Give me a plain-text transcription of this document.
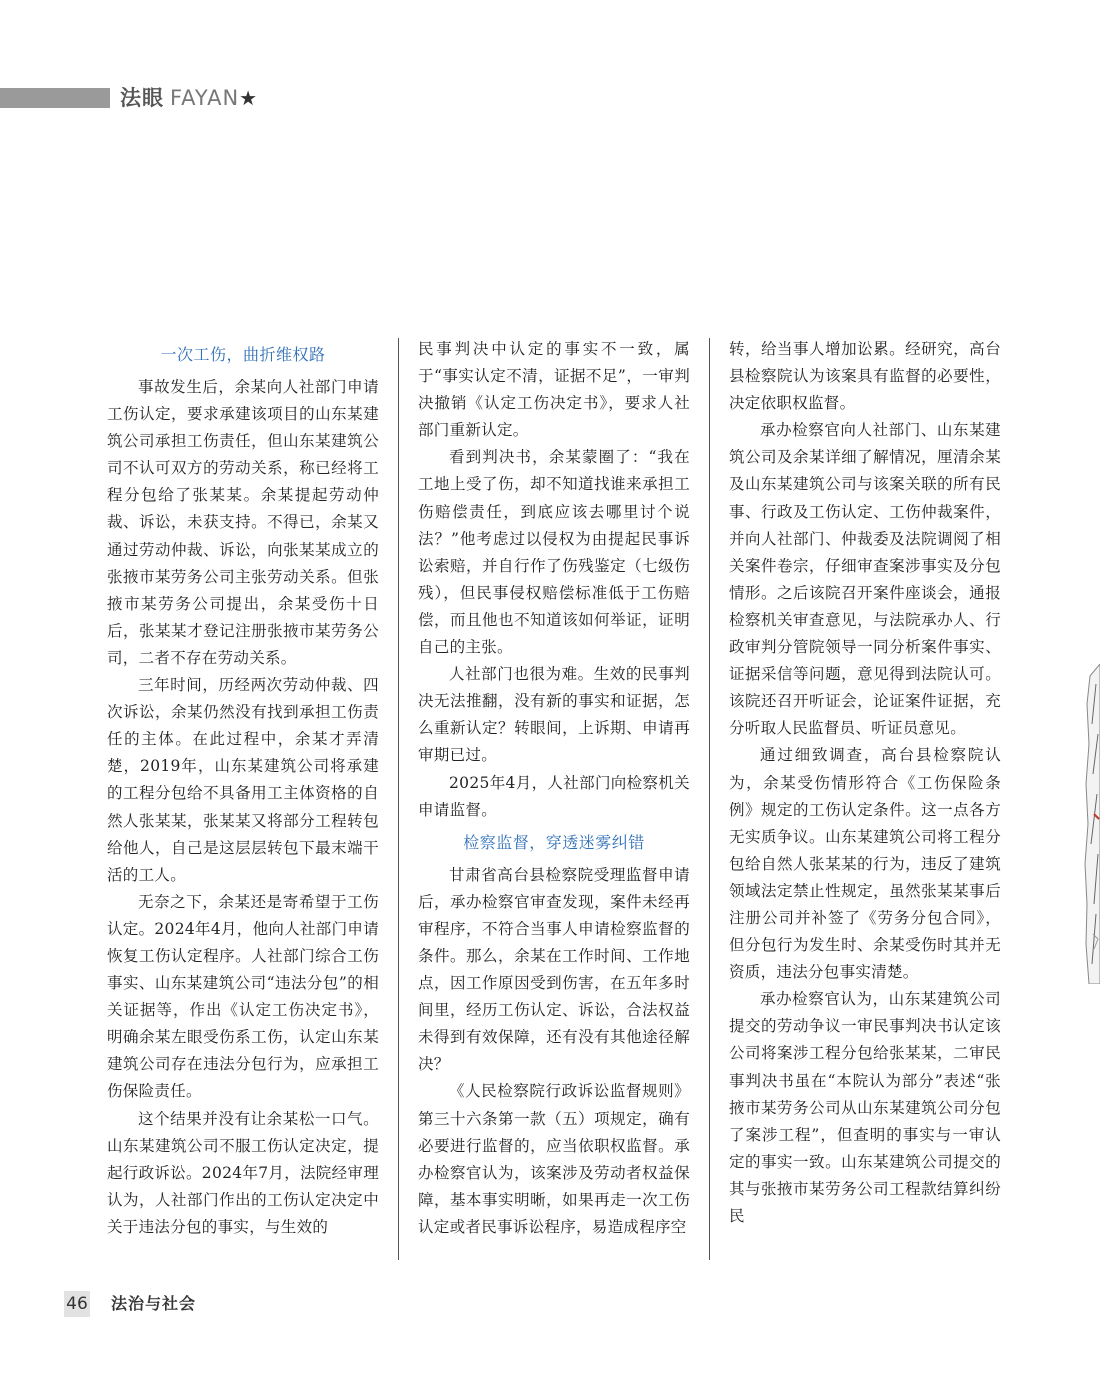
法眼 FAYAN★
一次工伤，曲折维权路

事故发生后，余某向人社部门申请工伤认定，要求承建该项目的山东某建筑公司承担工伤责任，但山东某建筑公司不认可双方的劳动关系，称已经将工程分包给了张某某。余某提起劳动仲裁、诉讼，未获支持。不得已，余某又通过劳动仲裁、诉讼，向张某某成立的张掖市某劳务公司主张劳动关系。但张掖市某劳务公司提出，余某受伤十日后，张某某才登记注册张掖市某劳务公司，二者不存在劳动关系。

三年时间，历经两次劳动仲裁、四次诉讼，余某仍然没有找到承担工伤责任的主体。在此过程中，余某才弄清楚，2019年，山东某建筑公司将承建的工程分包给不具备用工主体资格的自然人张某某，张某某又将部分工程转包给他人，自己是这层层转包下最末端干活的工人。

无奈之下，余某还是寄希望于工伤认定。2024年4月，他向人社部门申请恢复工伤认定程序。人社部门综合工伤事实、山东某建筑公司“违法分包”的相关证据等，作出《认定工伤决定书》，明确余某左眼受伤系工伤，认定山东某建筑公司存在违法分包行为，应承担工伤保险责任。

这个结果并没有让余某松一口气。山东某建筑公司不服工伤认定决定，提起行政诉讼。2024年7月，法院经审理认为，人社部门作出的工伤认定决定中关于违法分包的事实，与生效的

民事判决中认定的事实不一致，属于“事实认定不清，证据不足”，一审判决撤销《认定工伤决定书》，要求人社部门重新认定。

看到判决书，余某蒙圈了：“我在工地上受了伤，却不知道找谁来承担工伤赔偿责任，到底应该去哪里讨个说法？”他考虑过以侵权为由提起民事诉讼索赔，并自行作了伤残鉴定（七级伤残），但民事侵权赔偿标准低于工伤赔偿，而且他也不知道该如何举证，证明自己的主张。

人社部门也很为难。生效的民事判决无法推翻，没有新的事实和证据，怎么重新认定？转眼间，上诉期、申请再审期已过。

2025年4月，人社部门向检察机关申请监督。

检察监督，穿透迷雾纠错

甘肃省高台县检察院受理监督申请后，承办检察官审查发现，案件未经再审程序，不符合当事人申请检察监督的条件。那么，余某在工作时间、工作地点，因工作原因受到伤害，在五年多时间里，经历工伤认定、诉讼，合法权益未得到有效保障，还有没有其他途径解决？

《人民检察院行政诉讼监督规则》第三十六条第一款（五）项规定，确有必要进行监督的，应当依职权监督。承办检察官认为，该案涉及劳动者权益保障，基本事实明晰，如果再走一次工伤认定或者民事诉讼程序，易造成程序空

转，给当事人增加讼累。经研究，高台县检察院认为该案具有监督的必要性，决定依职权监督。

承办检察官向人社部门、山东某建筑公司及余某详细了解情况，厘清余某及山东某建筑公司与该案关联的所有民事、行政及工伤认定、工伤仲裁案件，并向人社部门、仲裁委及法院调阅了相关案件卷宗，仔细审查案涉事实及分包情形。之后该院召开案件座谈会，通报检察机关审查意见，与法院承办人、行政审判分管院领导一同分析案件事实、证据采信等问题，意见得到法院认可。该院还召开听证会，论证案件证据，充分听取人民监督员、听证员意见。

通过细致调查，高台县检察院认为，余某受伤情形符合《工伤保险条例》规定的工伤认定条件。这一点各方无实质争议。山东某建筑公司将工程分包给自然人张某某的行为，违反了建筑领域法定禁止性规定，虽然张某某事后注册公司并补签了《劳务分包合同》，但分包行为发生时、余某受伤时其并无资质，违法分包事实清楚。

承办检察官认为，山东某建筑公司提交的劳动争议一审民事判决书认定该公司将案涉工程分包给张某某，二审民事判决书虽在“本院认为部分”表述“张掖市某劳务公司从山东某建筑公司分包了案涉工程”，但查明的事实与一审认定的事实一致。山东某建筑公司提交的其与张掖市某劳务公司工程款结算纠纷民

46 法治与社会
